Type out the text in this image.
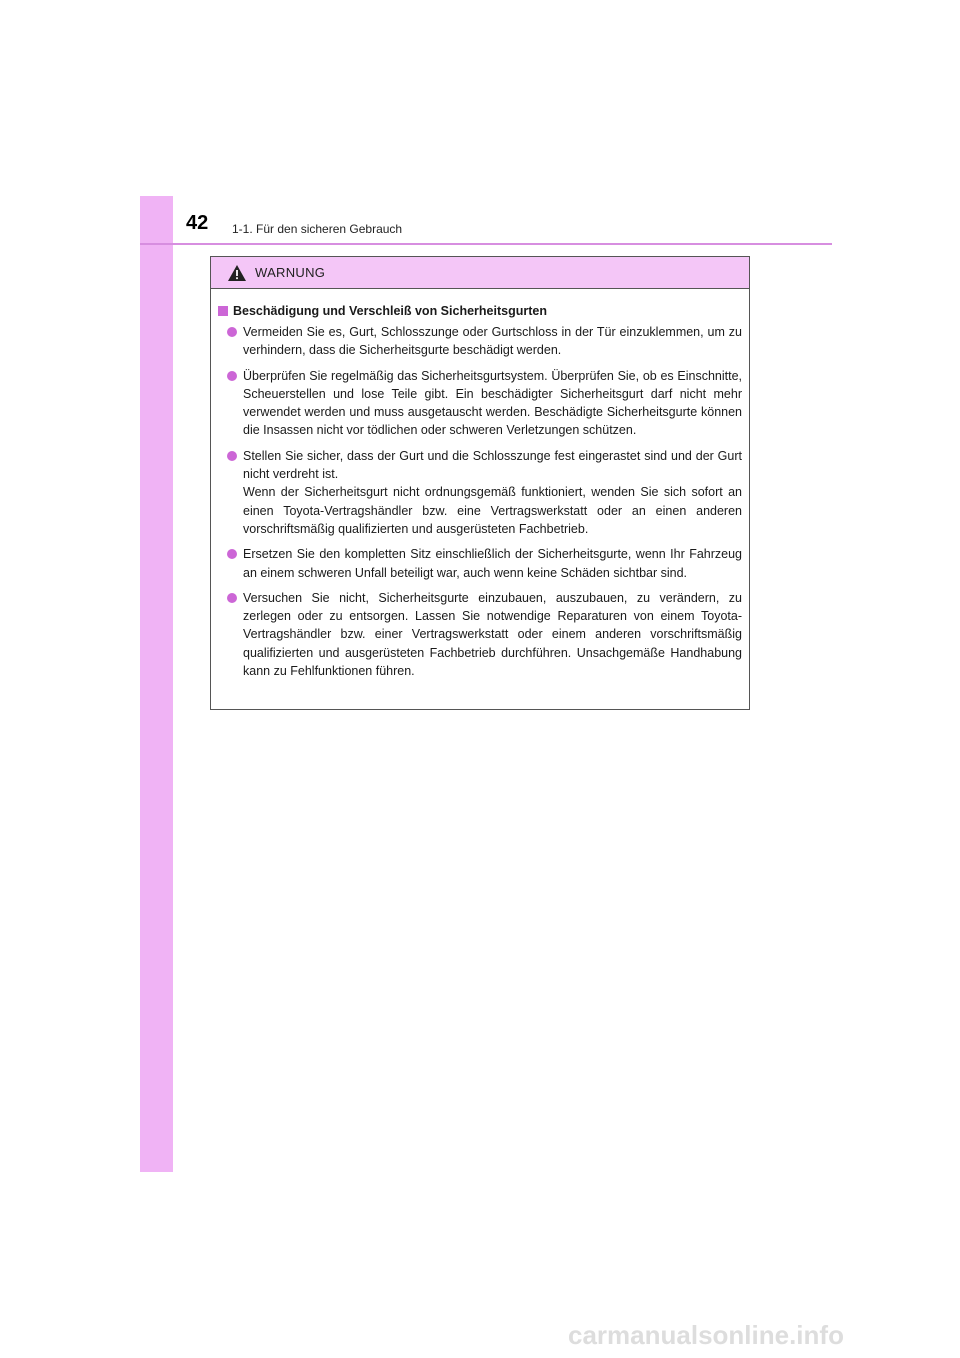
42 1-1. Für den sicheren Gebrauch
WARNUNG
Beschädigung und Verschleiß von Sicherheitsgurten

Vermeiden Sie es, Gurt, Schlosszunge oder Gurtschloss in der Tür einzuklemmen, um zu verhindern, dass die Sicherheitsgurte beschädigt werden.

Überprüfen Sie regelmäßig das Sicherheitsgurtsystem. Überprüfen Sie, ob es Einschnitte, Scheuerstellen und lose Teile gibt. Ein beschädigter Sicherheitsgurt darf nicht mehr verwendet werden und muss ausgetauscht werden. Beschädigte Sicherheitsgurte können die Insassen nicht vor tödlichen oder schweren Verletzungen schützen.

Stellen Sie sicher, dass der Gurt und die Schlosszunge fest eingerastet sind und der Gurt nicht verdreht ist.

Wenn der Sicherheitsgurt nicht ordnungsgemäß funktioniert, wenden Sie sich sofort an einen Toyota-Vertragshändler bzw. eine Vertragswerkstatt oder an einen anderen vorschriftsmäßig qualifizierten und ausgerüsteten Fachbetrieb.

Ersetzen Sie den kompletten Sitz einschließlich der Sicherheitsgurte, wenn Ihr Fahrzeug an einem schweren Unfall beteiligt war, auch wenn keine Schäden sichtbar sind.

Versuchen Sie nicht, Sicherheitsgurte einzubauen, auszubauen, zu verändern, zu zerlegen oder zu entsorgen. Lassen Sie notwendige Reparaturen von einem Toyota-Vertragshändler bzw. einer Vertragswerkstatt oder einem anderen vorschriftsmäßig qualifizierten und ausgerüsteten Fachbetrieb durchführen. Unsachgemäße Handhabung kann zu Fehlfunktionen führen.

carmanualsonline.info
